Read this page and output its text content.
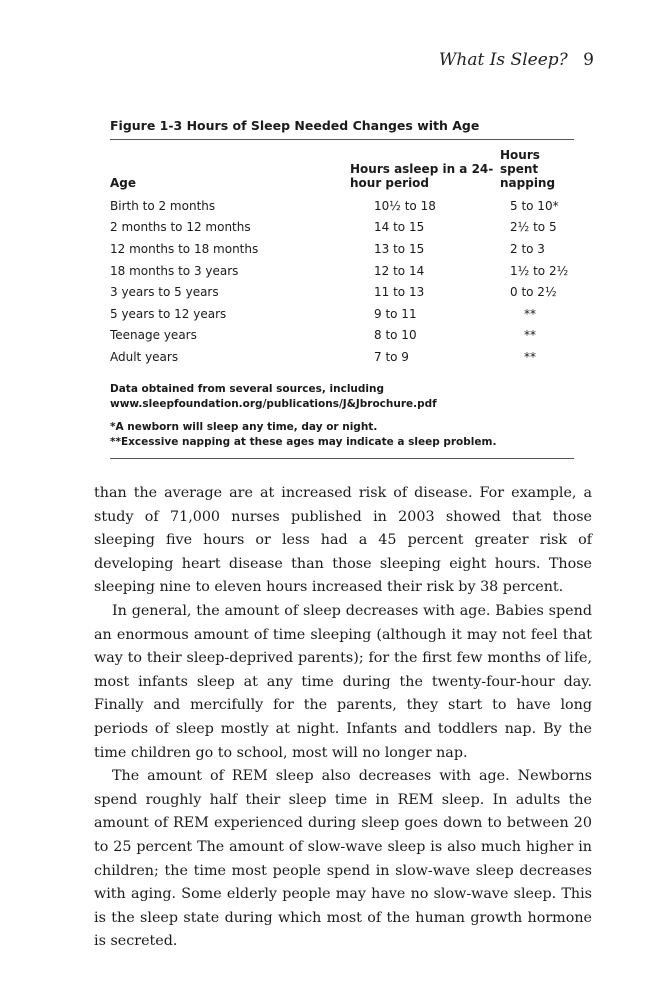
What Is Sleep? 9
Figure 1-3 Hours of Sleep Needed Changes with Age
Age	Hours asleep in a 24-hour period	Hours spent napping
Birth to 2 months	10½ to 18	5 to 10*
2 months to 12 months	14 to 15	2½ to 5
12 months to 18 months	13 to 15	2 to 3
18 months to 3 years	12 to 14	1½ to 2½
3 years to 5 years	11 to 13	0 to 2½
5 years to 12 years	9 to 11	**
Teenage years	8 to 10	**
Adult years	7 to 9	**

Data obtained from several sources, including www.sleepfoundation.org/publications/J&Jbrochure.pdf

*A newborn will sleep any time, day or night.
**Excessive napping at these ages may indicate a sleep problem.

than the average are at increased risk of disease. For example, a study of 71,000 nurses published in 2003 showed that those sleeping five hours or less had a 45 percent greater risk of developing heart disease than those sleeping eight hours. Those sleeping nine to eleven hours increased their risk by 38 percent.

In general, the amount of sleep decreases with age. Babies spend an enormous amount of time sleeping (although it may not feel that way to their sleep-deprived parents); for the first few months of life, most infants sleep at any time during the twenty-four-hour day. Finally and mercifully for the parents, they start to have long periods of sleep mostly at night. Infants and toddlers nap. By the time children go to school, most will no longer nap.

The amount of REM sleep also decreases with age. Newborns spend roughly half their sleep time in REM sleep. In adults the amount of REM experienced during sleep goes down to between 20 to 25 percent The amount of slow-wave sleep is also much higher in children; the time most people spend in slow-wave sleep decreases with aging. Some elderly people may have no slow-wave sleep. This is the sleep state during which most of the human growth hormone is secreted.
